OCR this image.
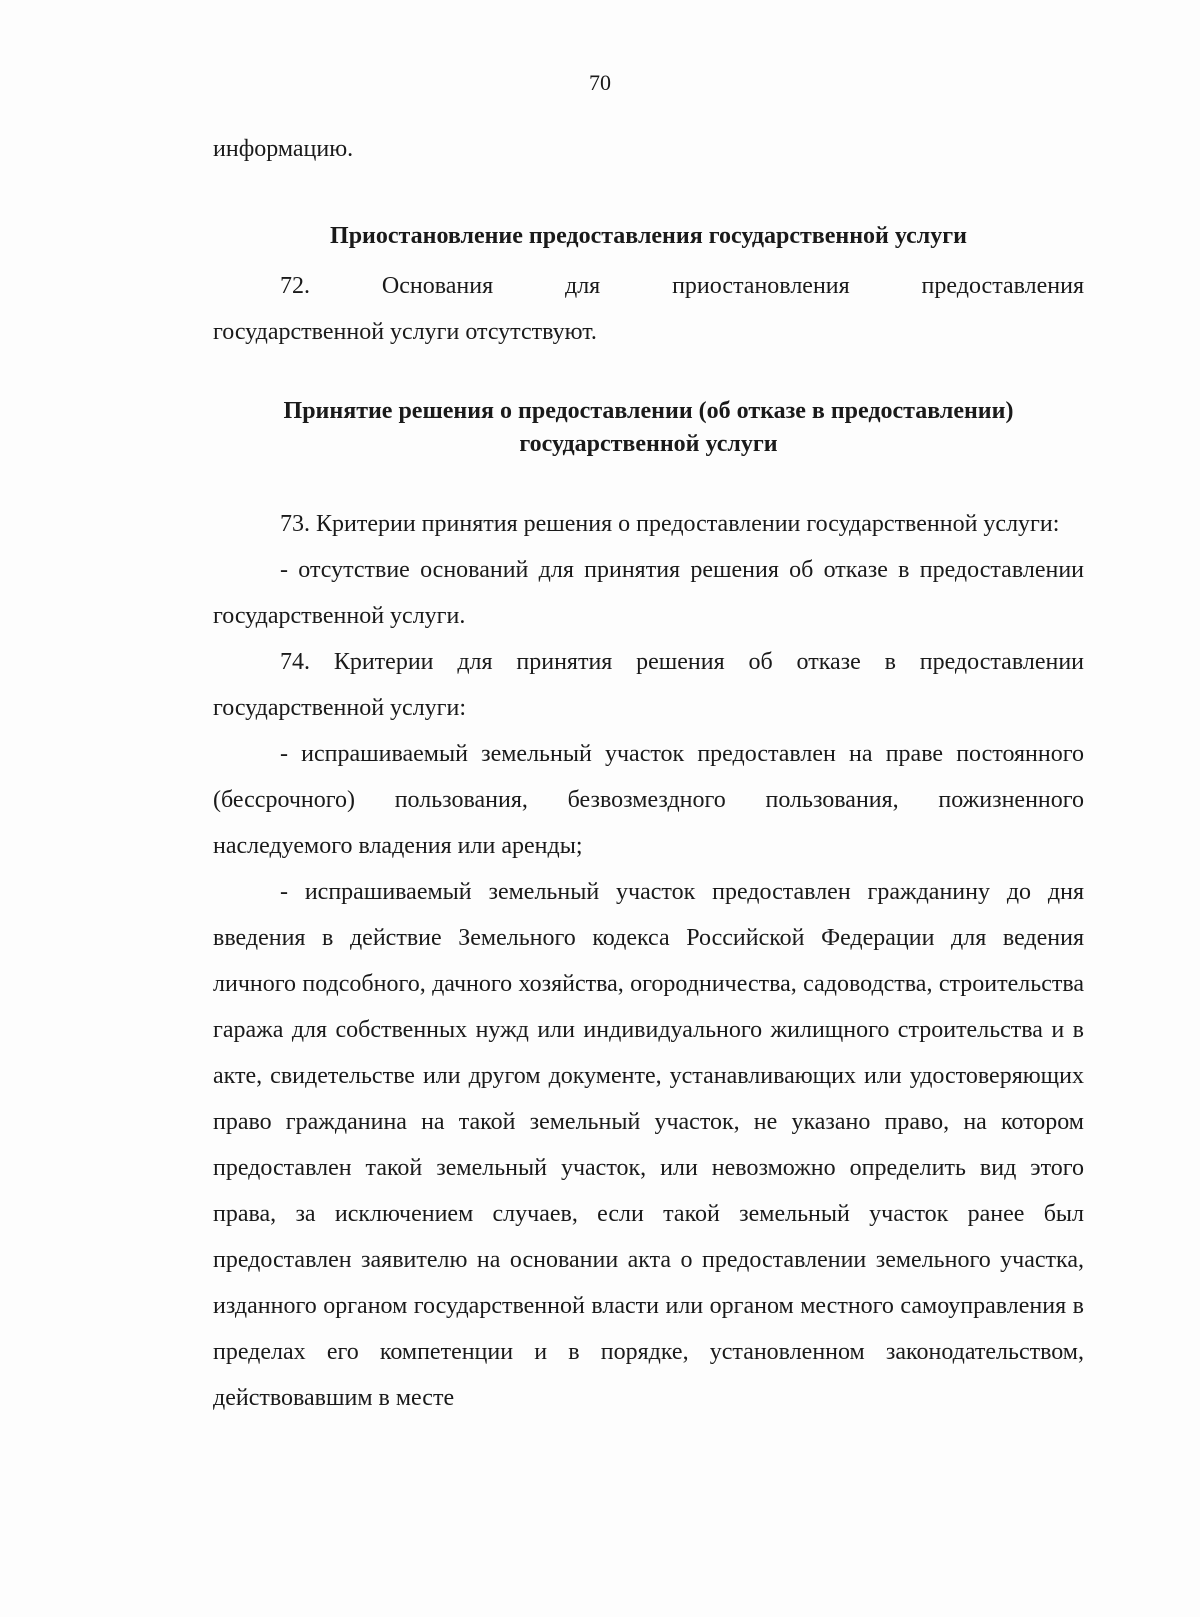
70

информацию.

Приостановление предоставления государственной услуги

72. Основания для приостановления предоставления

государственной услуги отсутствуют.

Принятие решения о предоставлении (об отказе в предоставлении)
государственной услуги

73. Критерии принятия решения о предоставлении государственной услуги:

- отсутствие оснований для принятия решения об отказе в предоставлении государственной услуги.

74. Критерии для принятия решения об отказе в предоставлении государственной услуги:

- испрашиваемый земельный участок предоставлен на праве постоянного (бессрочного) пользования, безвозмездного пользования, пожизненного наследуемого владения или аренды;

- испрашиваемый земельный участок предоставлен гражданину до дня введения в действие Земельного кодекса Российской Федерации для ведения личного подсобного, дачного хозяйства, огородничества, садоводства, строительства гаража для собственных нужд или индивидуального жилищного строительства и в акте, свидетельстве или другом документе, устанавливающих или удостоверяющих право гражданина на такой земельный участок, не указано право, на котором предоставлен такой земельный участок, или невозможно определить вид этого права, за исключением случаев, если такой земельный участок ранее был предоставлен заявителю на основании акта о предоставлении земельного участка, изданного органом государственной власти или органом местного самоуправления в пределах его компетенции и в порядке, установленном законодательством, действовавшим в месте
